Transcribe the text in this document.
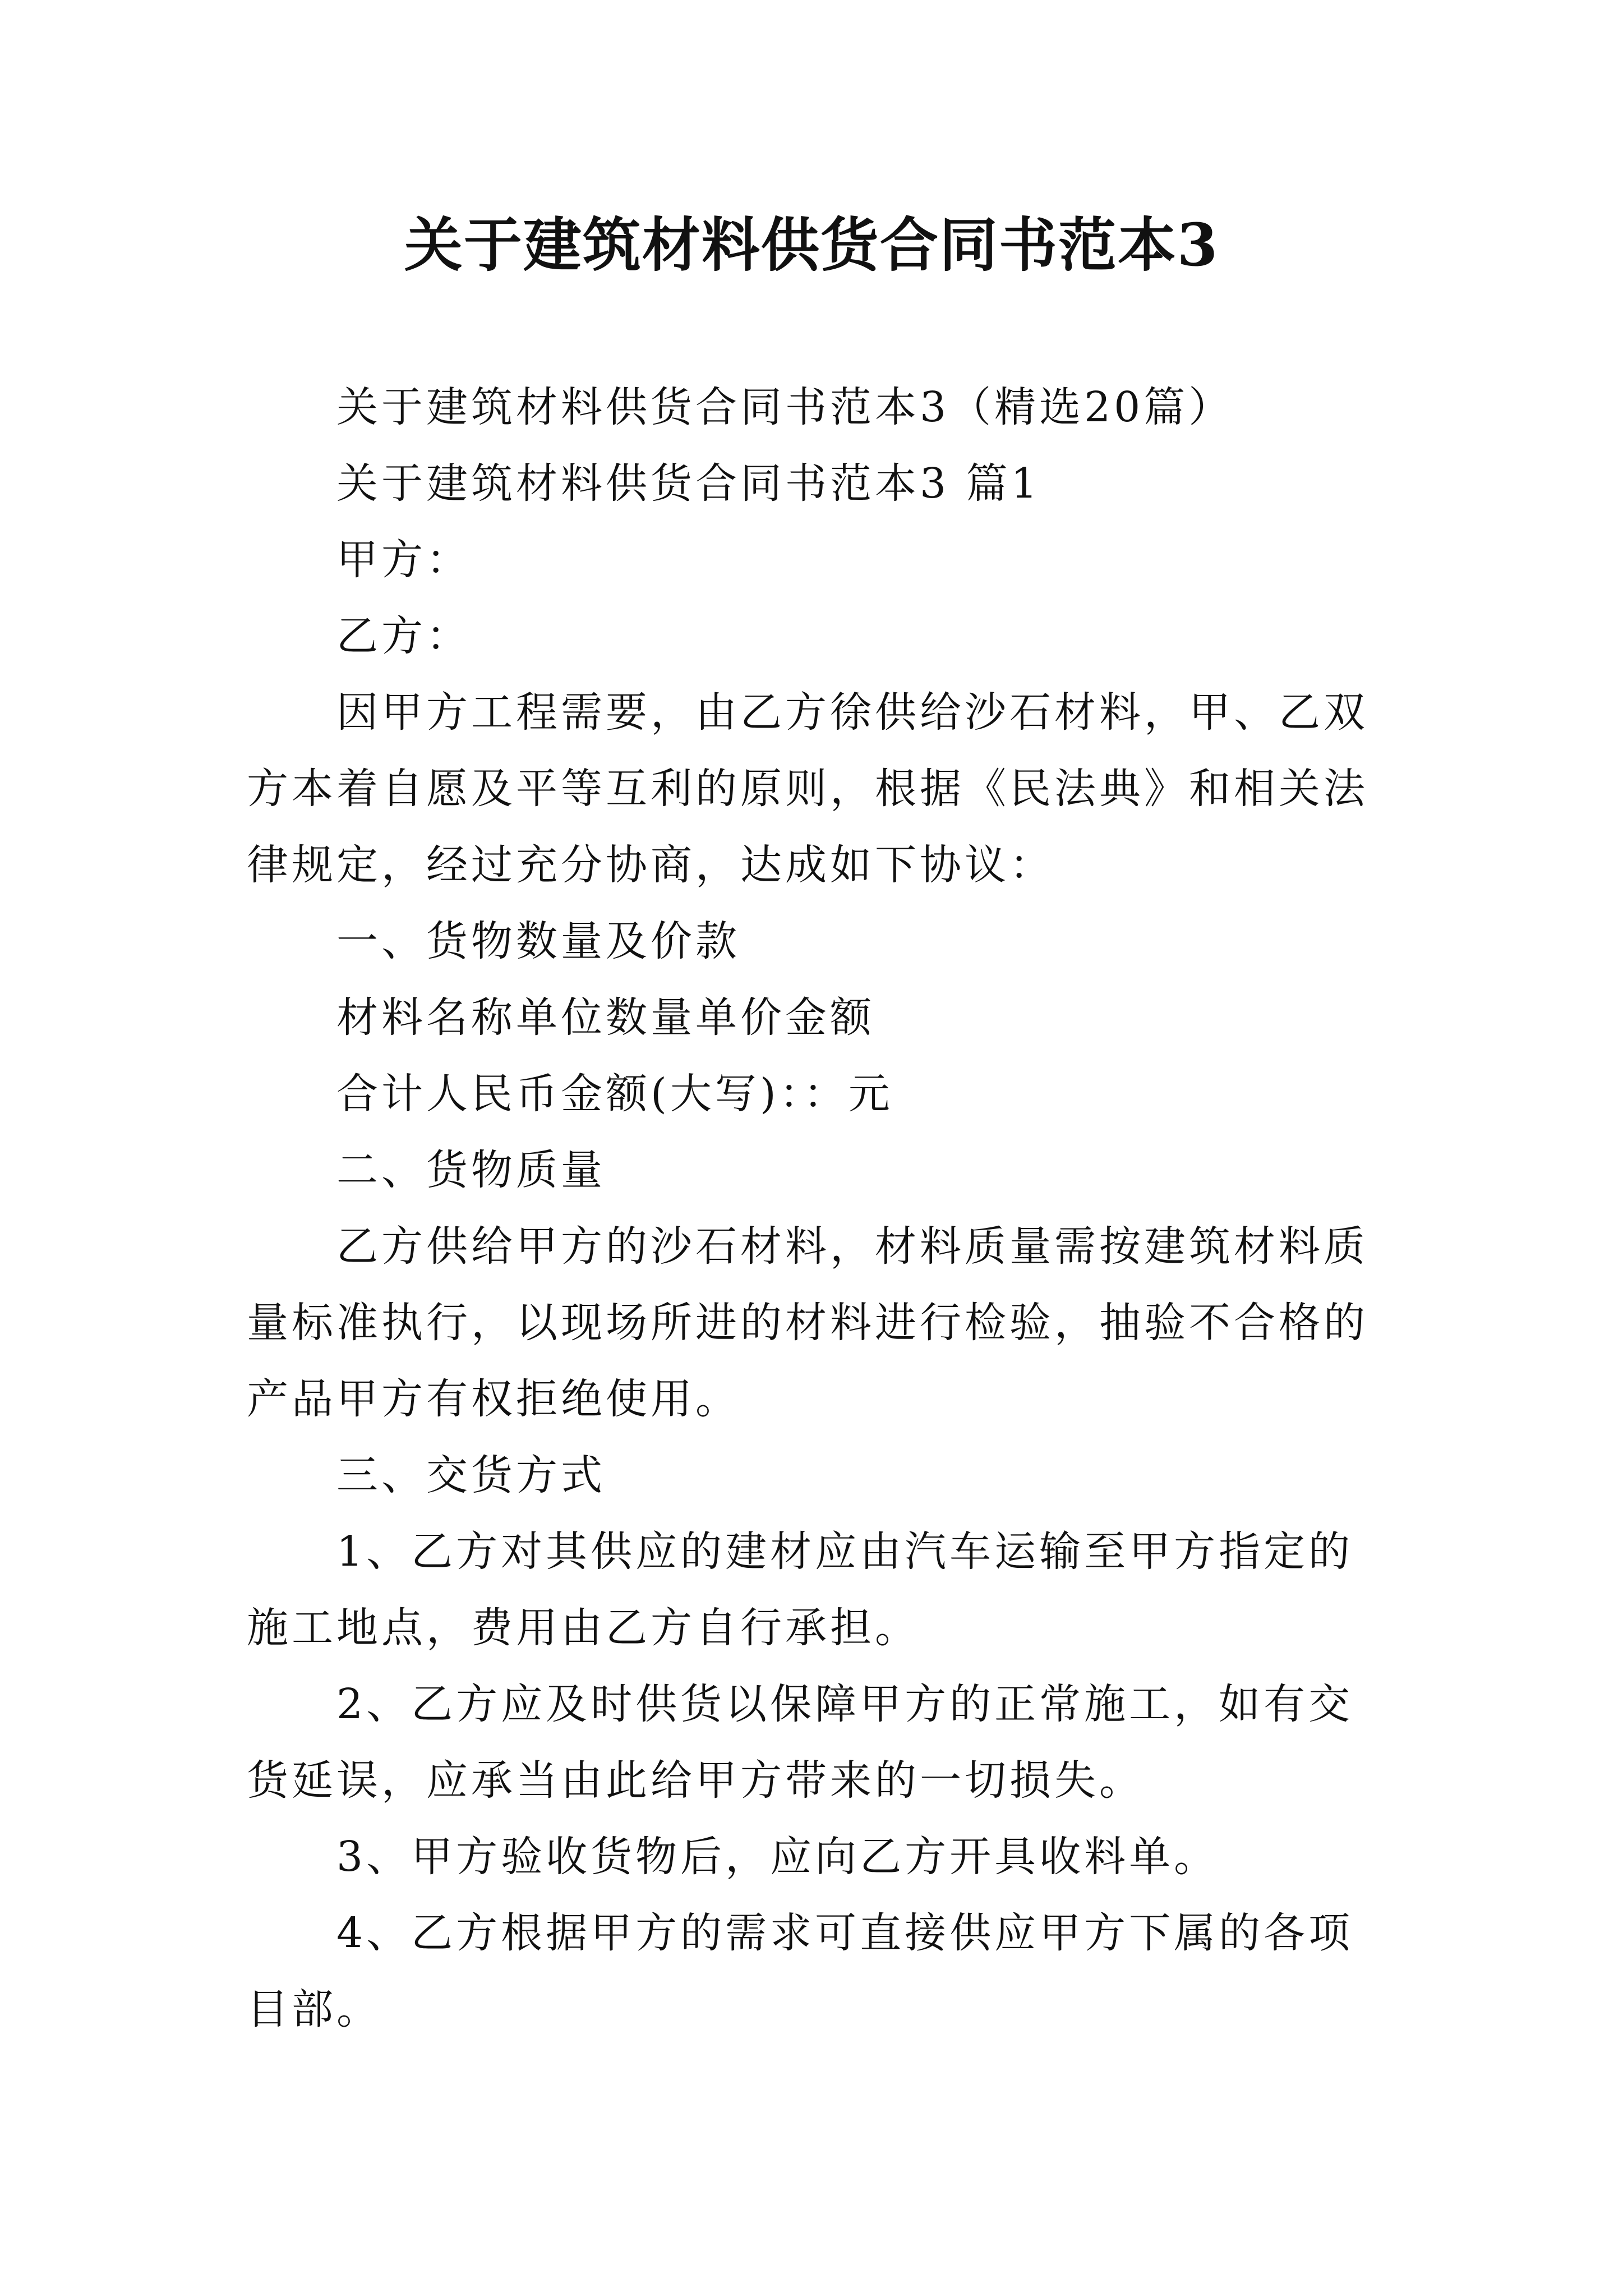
关于建筑材料供货合同书范本3

关于建筑材料供货合同书范本3（精选20篇）

关于建筑材料供货合同书范本3 篇1

甲方：

乙方：

因甲方工程需要，由乙方徐供给沙石材料，甲、乙双方本着自愿及平等互利的原则，根据《民法典》和相关法律规定，经过充分协商，达成如下协议：

一、货物数量及价款

材料名称单位数量单价金额

合计人民币金额(大写)：：元

二、货物质量

乙方供给甲方的沙石材料，材料质量需按建筑材料质量标准执行，以现场所进的材料进行检验，抽验不合格的产品甲方有权拒绝使用。

三、交货方式

1、乙方对其供应的建材应由汽车运输至甲方指定的施工地点，费用由乙方自行承担。

2、乙方应及时供货以保障甲方的正常施工，如有交货延误，应承当由此给甲方带来的一切损失。

3、甲方验收货物后，应向乙方开具收料单。

4、乙方根据甲方的需求可直接供应甲方下属的各项目部。
